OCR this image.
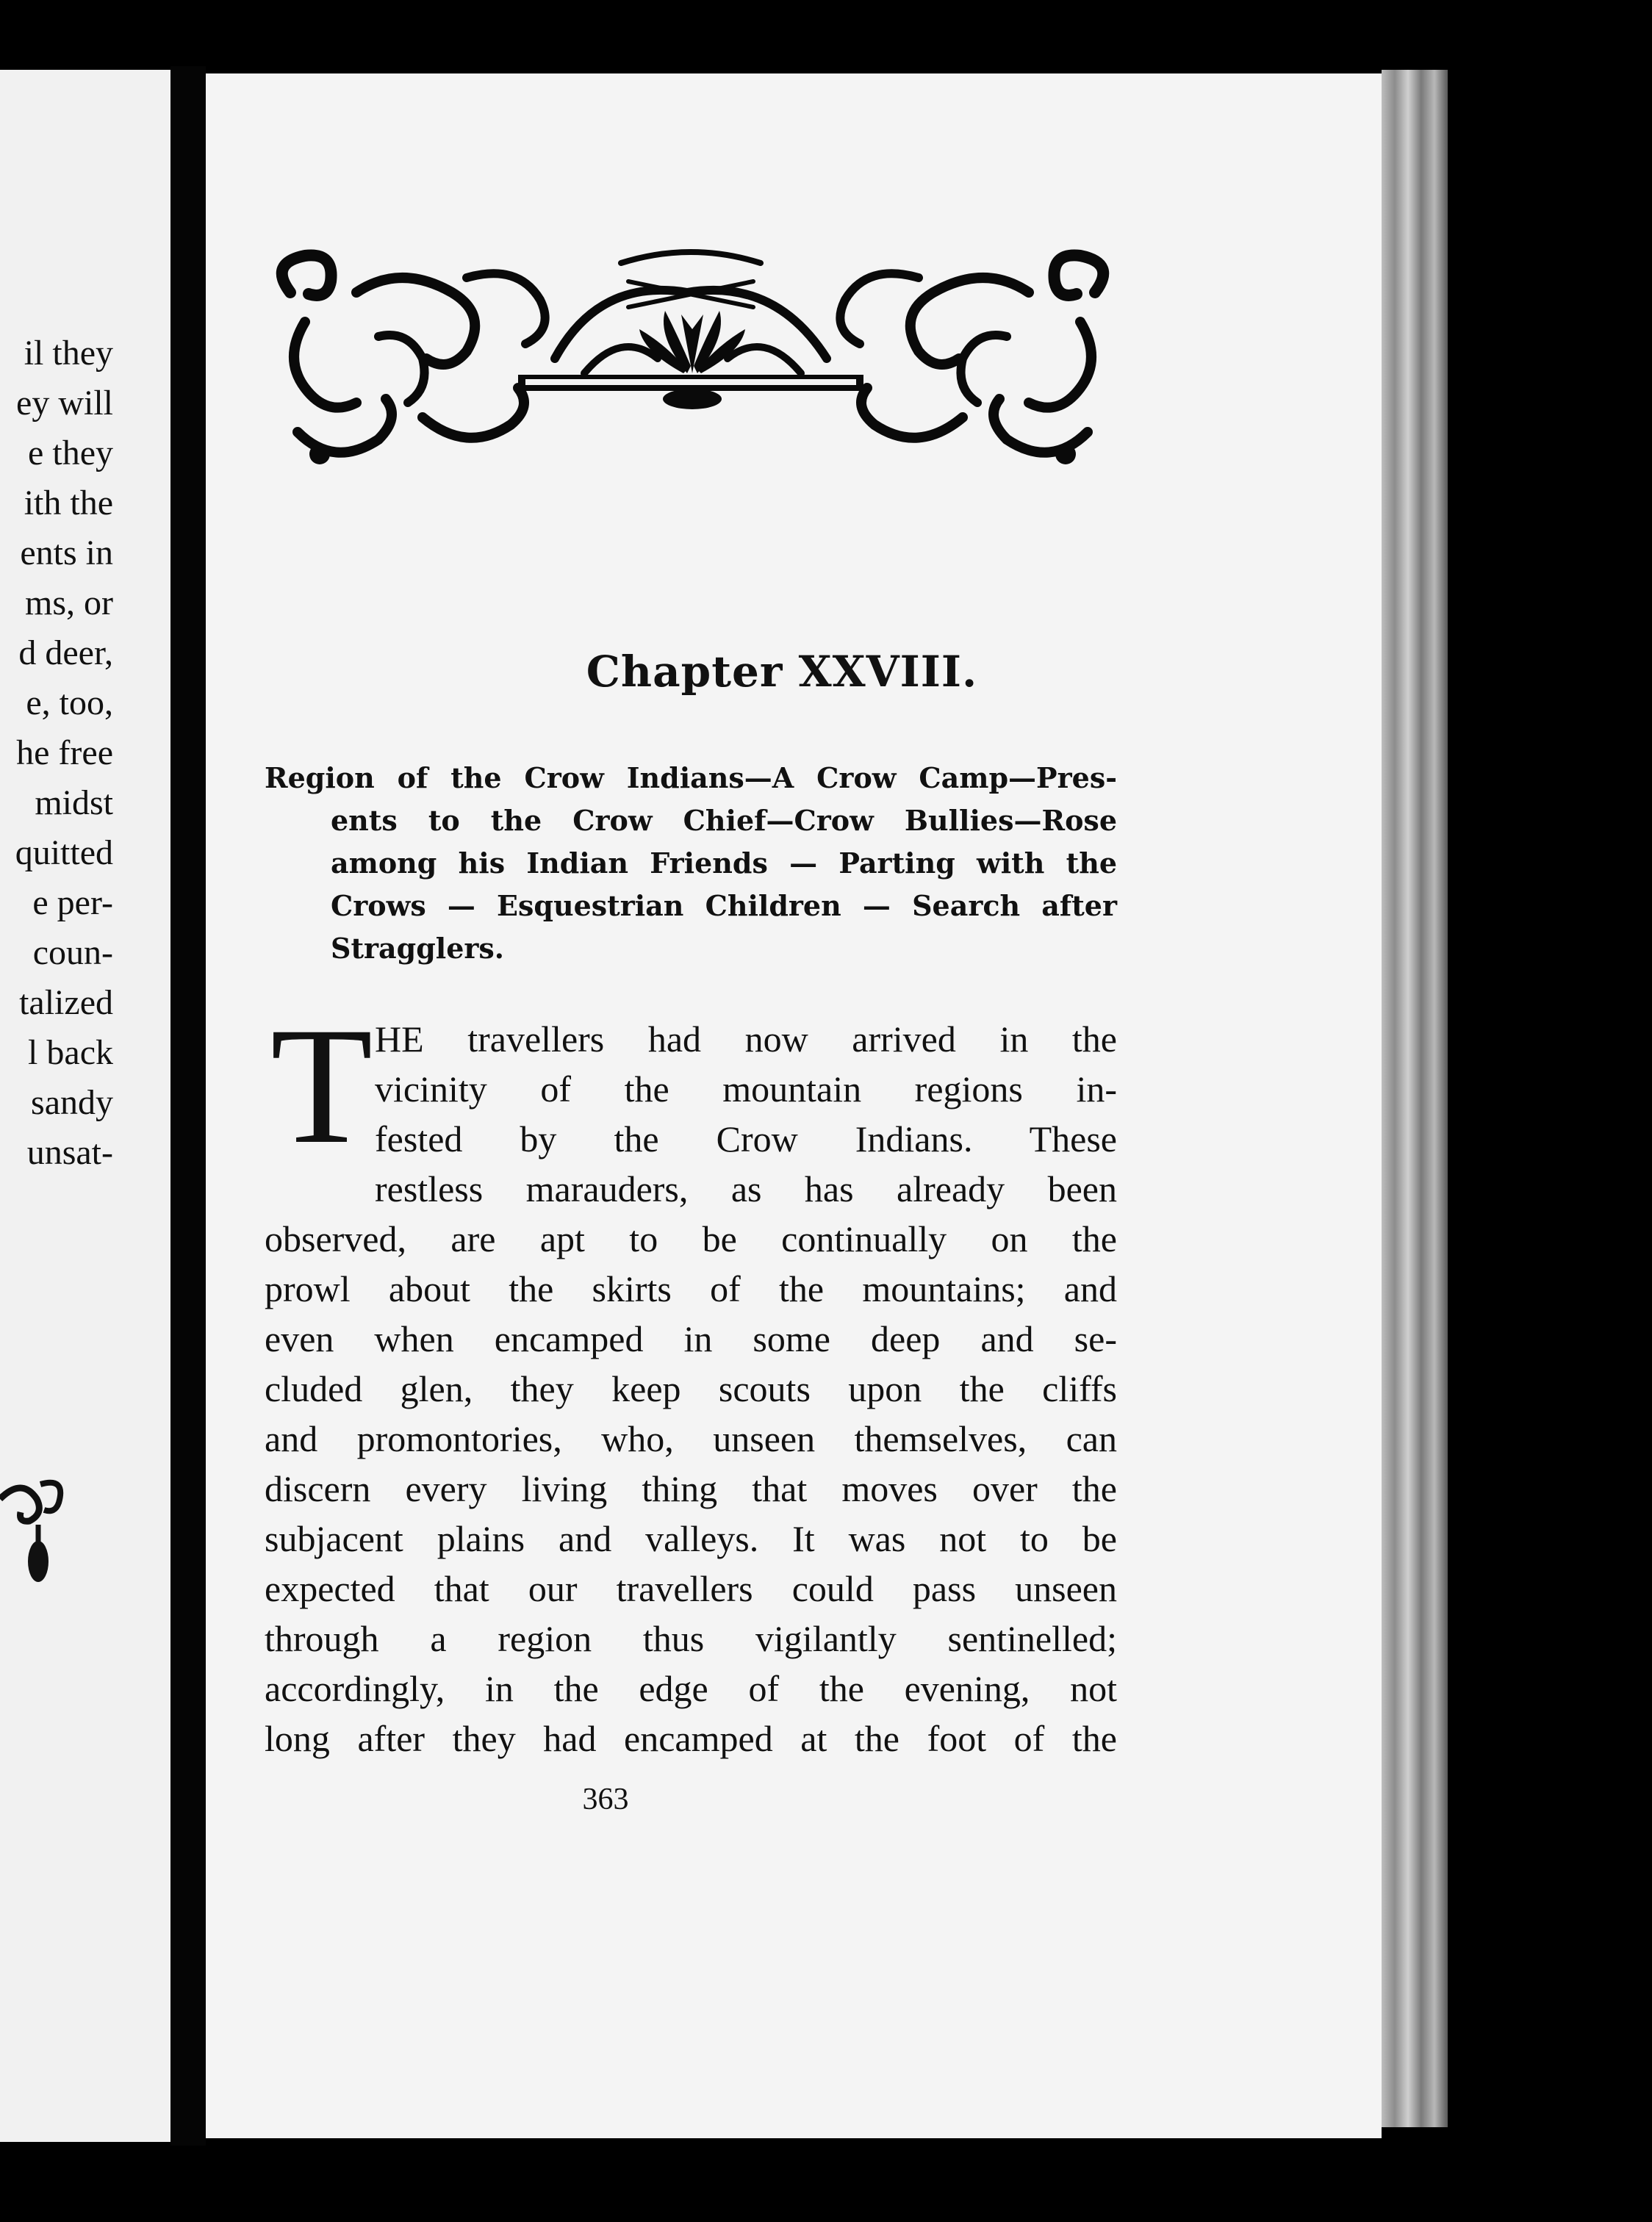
il they
ey will
e they
ith the
ents in
ms, or
d deer,
e, too,
he free
midst
quitted
e per-
coun-
talized
l back
sandy
unsat-
Chapter XXVIII.
Region of the Crow Indians—A Crow Camp—Pres-
ents to the Crow Chief—Crow Bullies—Rose
among his Indian Friends — Parting with the
Crows — Esquestrian Children — Search after
Stragglers.
T HE travellers had now arrived in the
vicinity of the mountain regions in-
fested by the Crow Indians. These
restless marauders, as has already been
observed, are apt to be continually on the
prowl about the skirts of the mountains; and
even when encamped in some deep and se-
cluded glen, they keep scouts upon the cliffs
and promontories, who, unseen themselves, can
discern every living thing that moves over the
subjacent plains and valleys. It was not to be
expected that our travellers could pass unseen
through a region thus vigilantly sentinelled;
accordingly, in the edge of the evening, not
long after they had encamped at the foot of the
363
